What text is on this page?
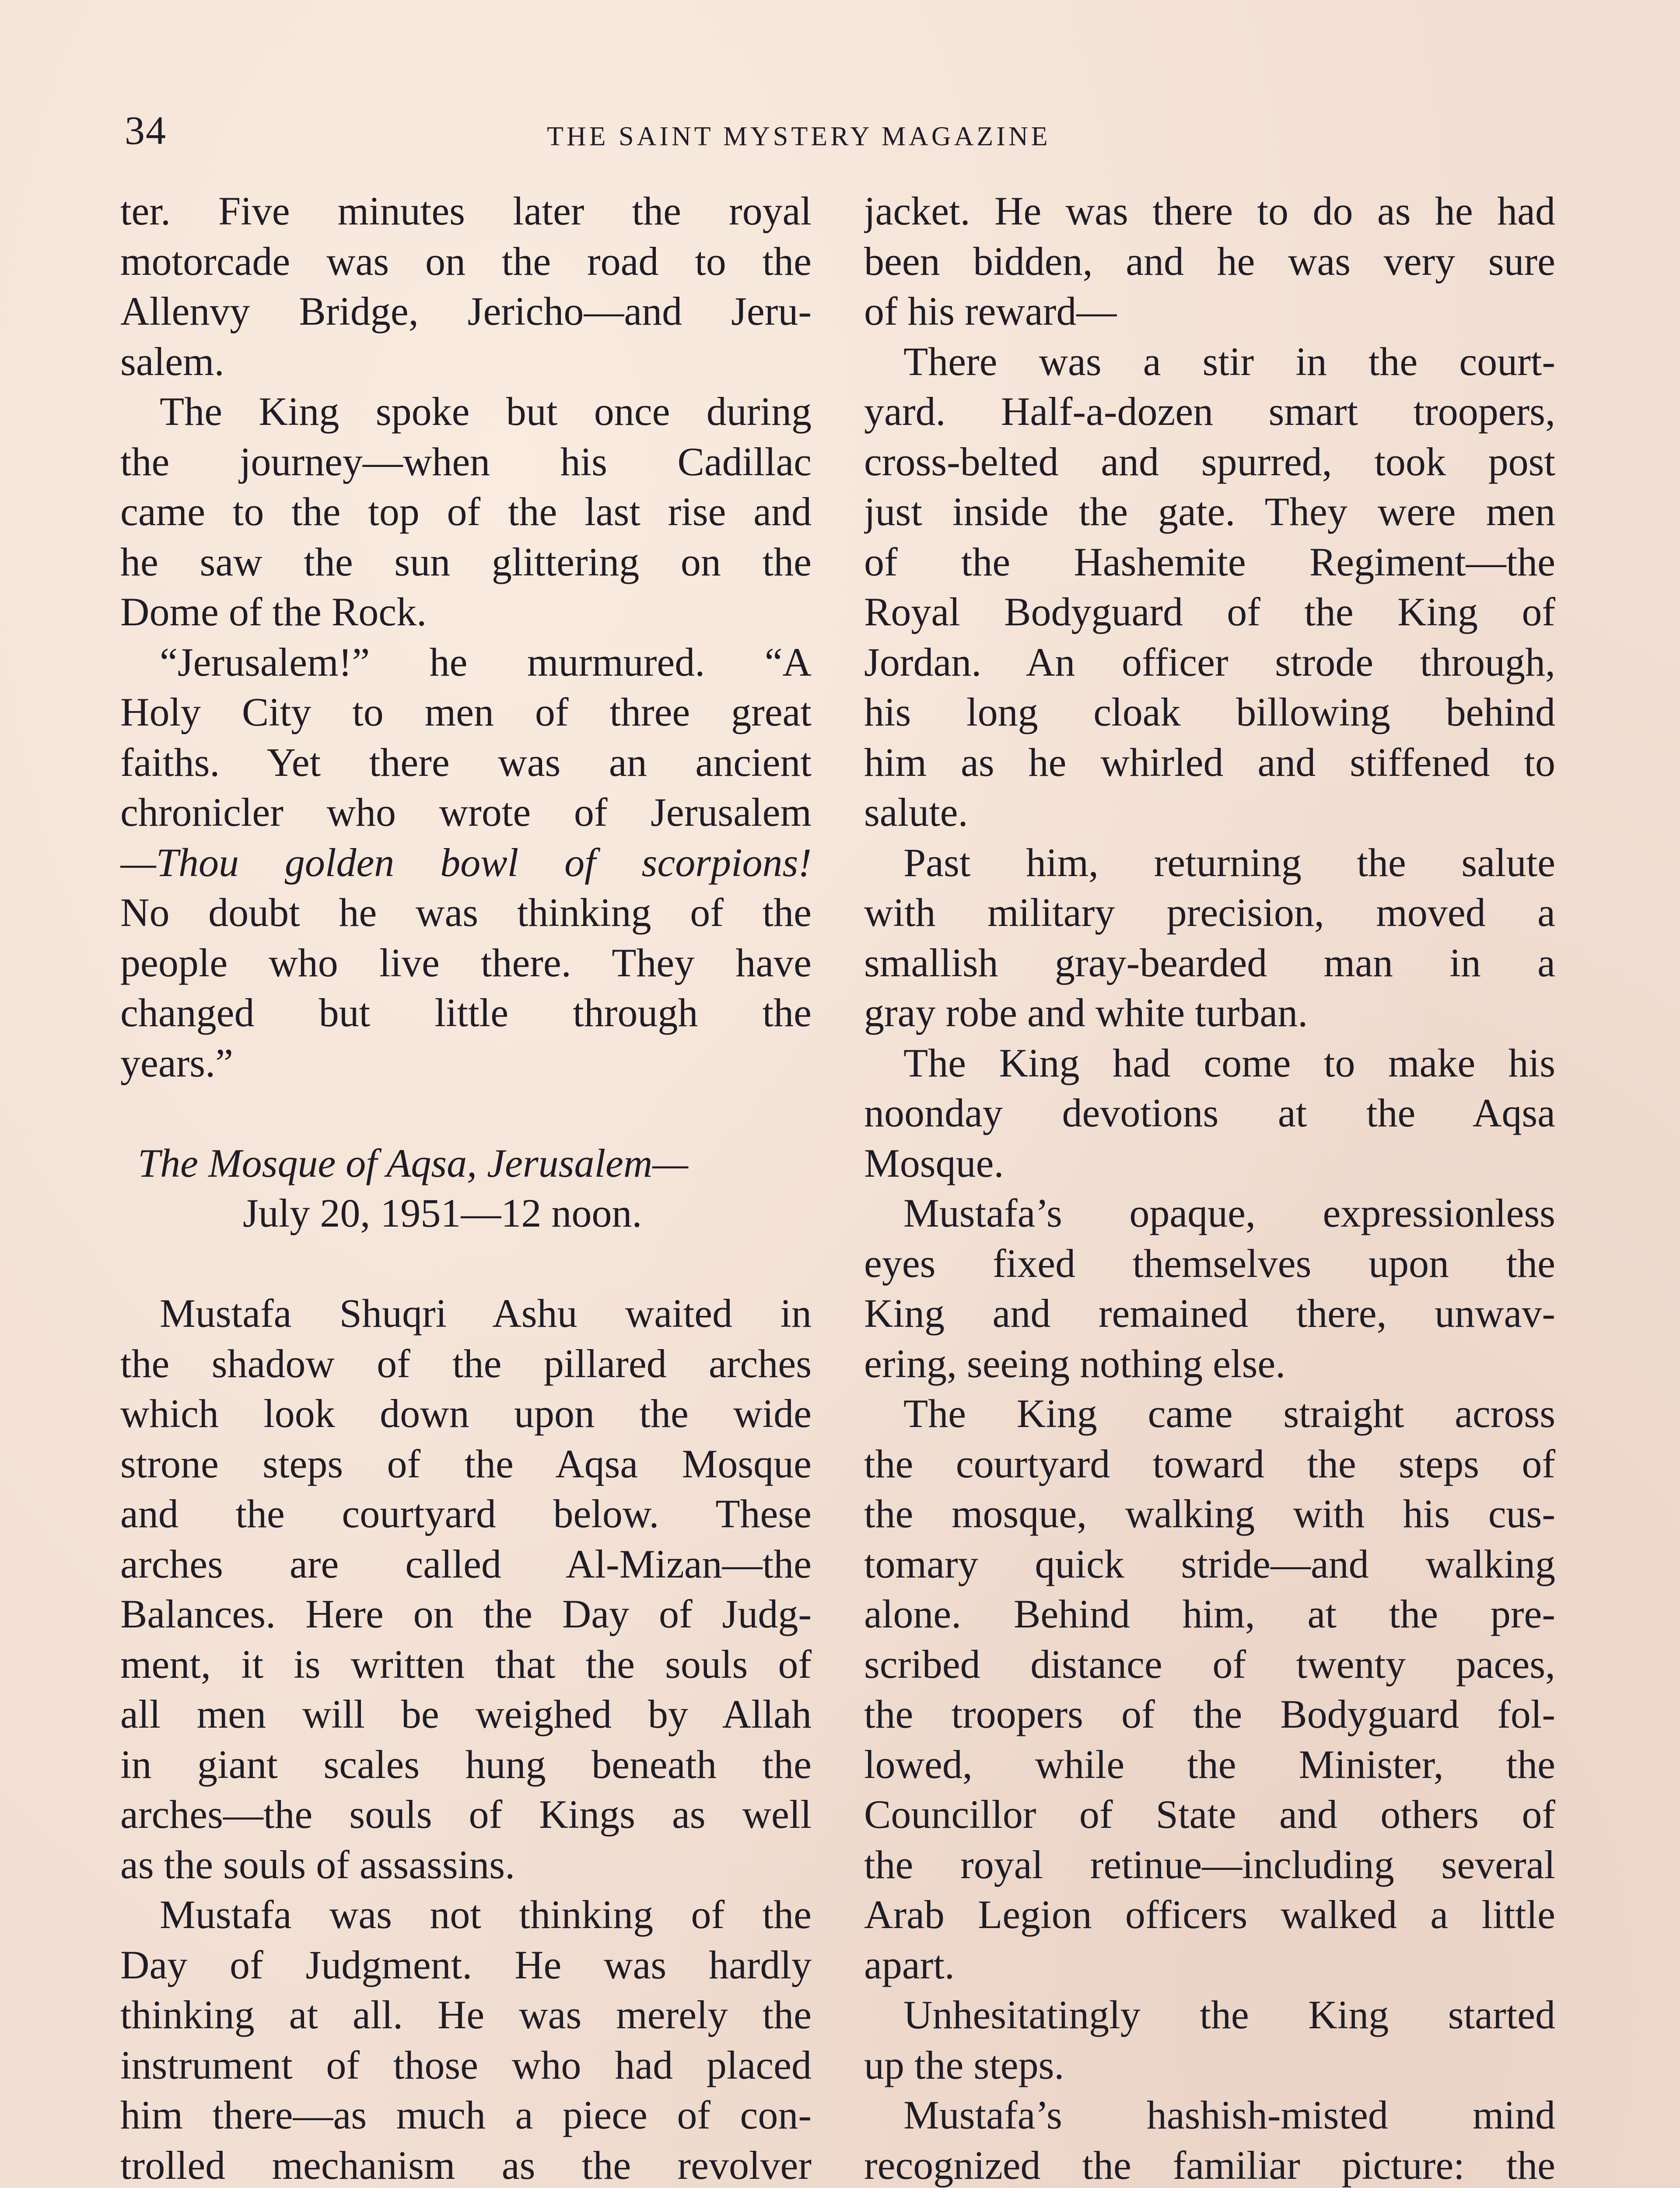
34	THE SAINT MYSTERY MAGAZINE
ter. Five minutes later the royal
motorcade was on the road to the
Allenvy Bridge, Jericho—and Jeru-
salem.
The King spoke but once during
the journey—when his Cadillac
came to the top of the last rise and
he saw the sun glittering on the
Dome of the Rock.
“Jerusalem!” he murmured. “A
Holy City to men of three great
faiths. Yet there was an ancient
chronicler who wrote of Jerusalem
—Thou golden bowl of scorpions!
No doubt he was thinking of the
people who live there. They have
changed but little through the
years.”
The Mosque of Aqsa, Jerusalem—
July 20, 1951—12 noon.
Mustafa Shuqri Ashu waited in
the shadow of the pillared arches
which look down upon the wide
strone steps of the Aqsa Mosque
and the courtyard below. These
arches are called Al-Mizan—the
Balances. Here on the Day of Judg-
ment, it is written that the souls of
all men will be weighed by Allah
in giant scales hung beneath the
arches—the souls of Kings as well
as the souls of assassins.
Mustafa was not thinking of the
Day of Judgment. He was hardly
thinking at all. He was merely the
instrument of those who had placed
him there—as much a piece of con-
trolled mechanism as the revolver
jacket. He was there to do as he had
been bidden, and he was very sure
of his reward—
There was a stir in the court-
yard. Half-a-dozen smart troopers,
cross-belted and spurred, took post
just inside the gate. They were men
of the Hashemite Regiment—the
Royal Bodyguard of the King of
Jordan. An officer strode through,
his long cloak billowing behind
him as he whirled and stiffened to
salute.
Past him, returning the salute
with military precision, moved a
smallish gray-bearded man in a
gray robe and white turban.
The King had come to make his
noonday devotions at the Aqsa
Mosque.
Mustafa’s opaque, expressionless
eyes fixed themselves upon the
King and remained there, unwav-
ering, seeing nothing else.
The King came straight across
the courtyard toward the steps of
the mosque, walking with his cus-
tomary quick stride—and walking
alone. Behind him, at the pre-
scribed distance of twenty paces,
the troopers of the Bodyguard fol-
lowed, while the Minister, the
Councillor of State and others of
the royal retinue—including several
Arab Legion officers walked a little
apart.
Unhesitatingly the King started
up the steps.
Mustafa’s hashish-misted mind
recognized the familiar picture: the
